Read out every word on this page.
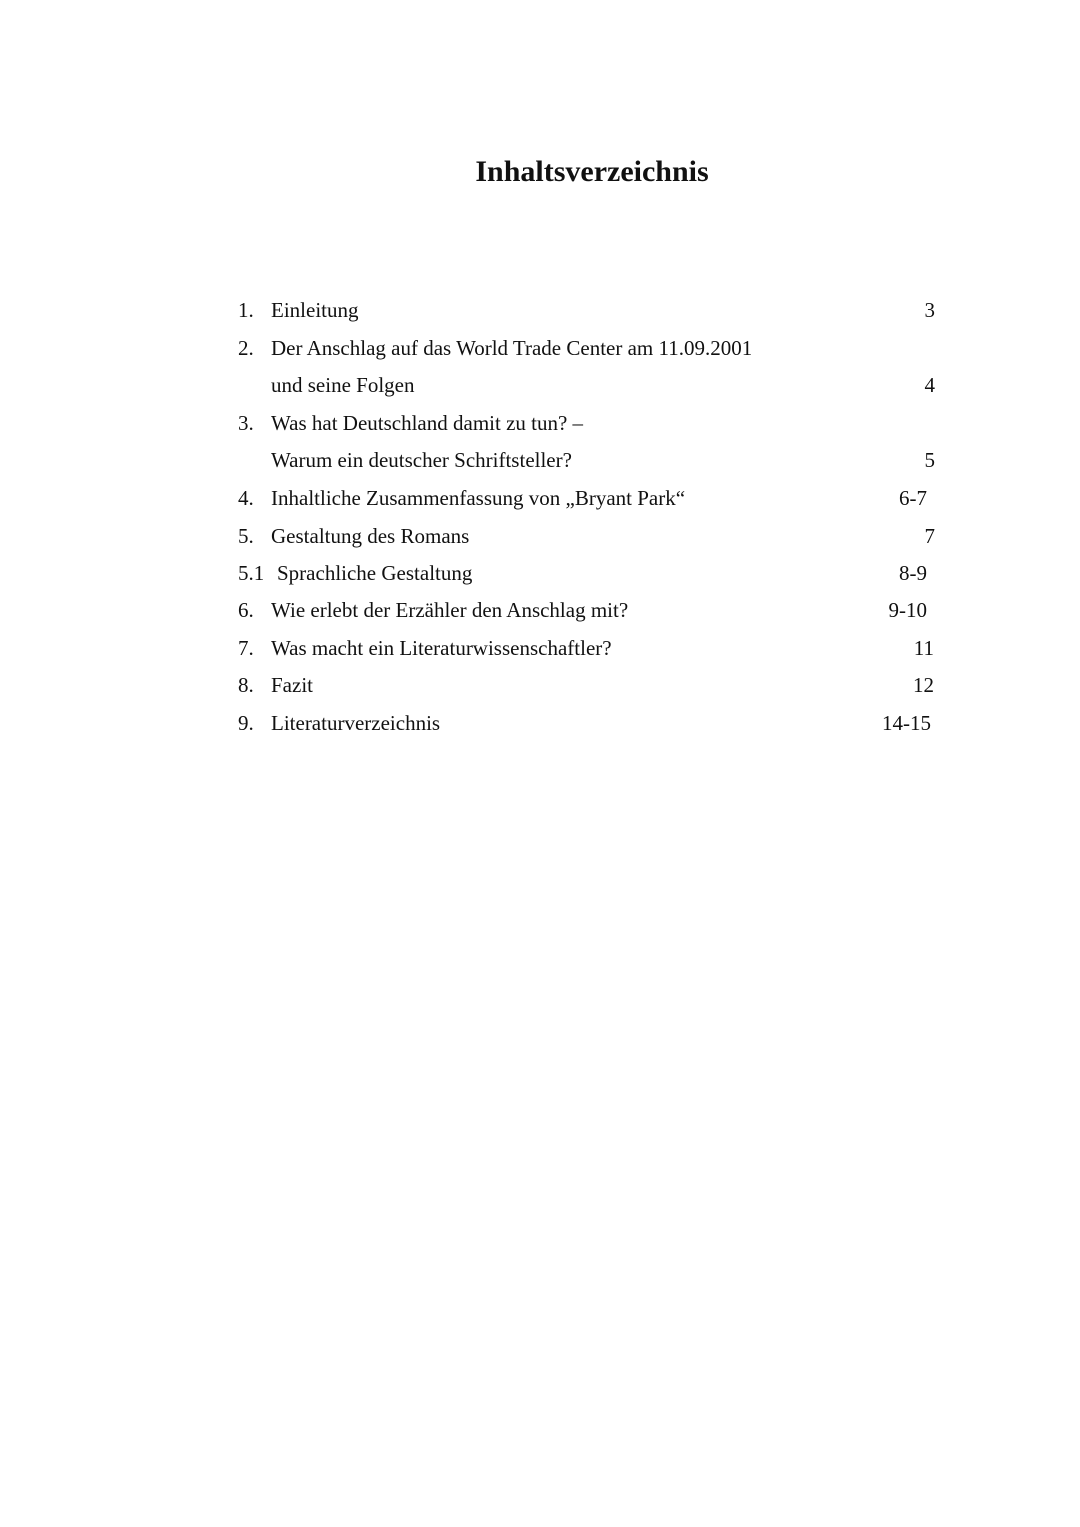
Inhaltsverzeichnis
1. Einleitung	3
2. Der Anschlag auf das World Trade Center am 11.09.2001
und seine Folgen	4
3. Was hat Deutschland damit zu tun? –
Warum ein deutscher Schriftsteller?	5
4. Inhaltliche Zusammenfassung von „Bryant Park“	6-7
5. Gestaltung des Romans	7
5.1 Sprachliche Gestaltung	8-9
6. Wie erlebt der Erzähler den Anschlag mit?	9-10
7. Was macht ein Literaturwissenschaftler?	11
8. Fazit	12
9. Literaturverzeichnis	14-15
